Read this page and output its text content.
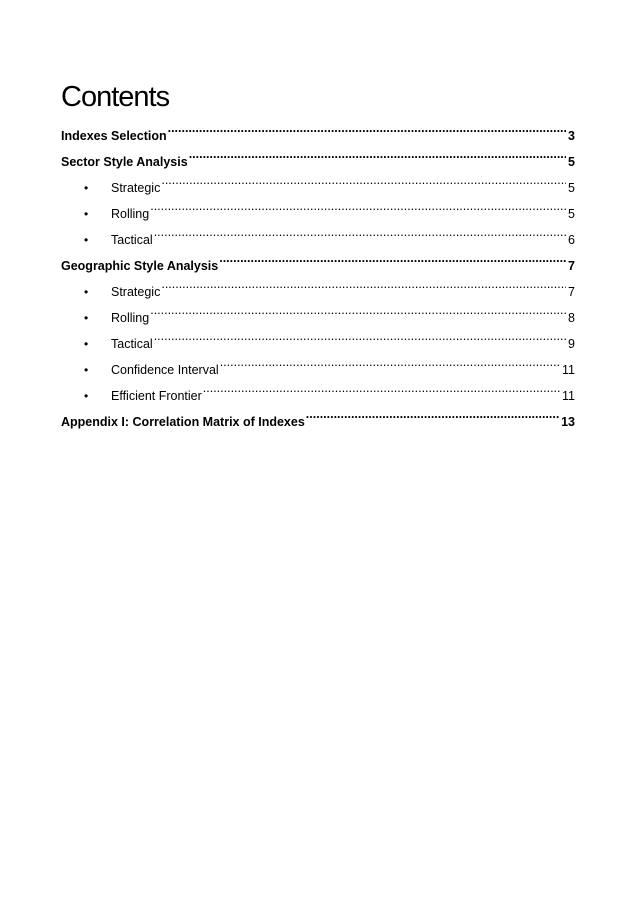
Contents
Indexes Selection .....	3
Sector Style Analysis .....	5
•	Strategic .....	5
•	Rolling .....	5
•	Tactical .....	6
Geographic Style Analysis .....	7
•	Strategic .....	7
•	Rolling .....	8
•	Tactical .....	9
•	Confidence Interval .....	11
•	Efficient Frontier .....	11
Appendix I: Correlation Matrix of Indexes .....	13
